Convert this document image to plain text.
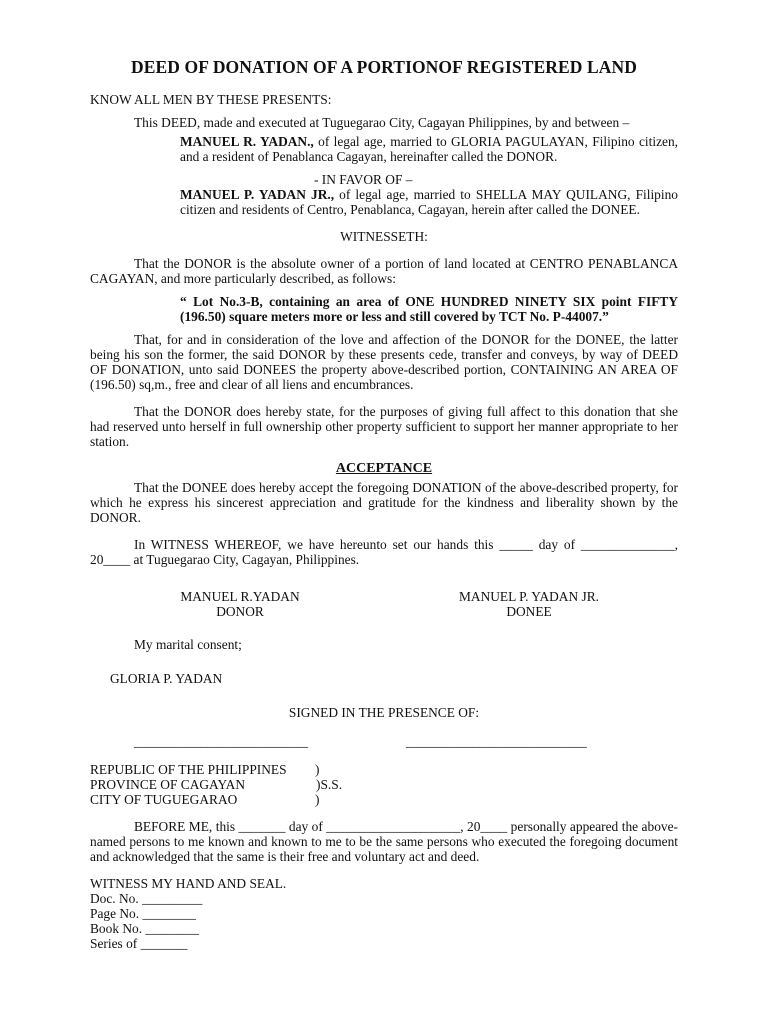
DEED OF DONATION OF A PORTIONOF REGISTERED LAND

KNOW ALL MEN BY THESE PRESENTS:

This DEED, made and executed at Tuguegarao City, Cagayan Philippines, by and between –

MANUEL R. YADAN., of legal age, married to GLORIA PAGULAYAN, Filipino citizen, and a resident of Penablanca Cagayan, hereinafter called the DONOR.

- IN FAVOR OF –

MANUEL P. YADAN JR., of legal age, married to SHELLA MAY QUILANG, Filipino citizen and residents of Centro, Penablanca, Cagayan, herein after called the DONEE.

WITNESSETH:

That the DONOR is the absolute owner of a portion of land located at CENTRO PENABLANCA CAGAYAN, and more particularly described, as follows:

“ Lot No.3-B, containing an area of ONE HUNDRED NINETY SIX point FIFTY (196.50) square meters more or less and still covered by TCT No. P-44007.”

That, for and in consideration of the love and affection of the DONOR for the DONEE, the latter being his son the former, the said DONOR by these presents cede, transfer and conveys, by way of DEED OF DONATION, unto said DONEES the property above-described portion, CONTAINING AN AREA OF (196.50) sq,m., free and clear of all liens and encumbrances.

That the DONOR does hereby state, for the purposes of giving full affect to this donation that she had reserved unto herself in full ownership other property sufficient to support her manner appropriate to her station.

ACCEPTANCE

That the DONEE does hereby accept the foregoing DONATION of the above-described property, for which he express his sincerest appreciation and gratitude for the kindness and liberality shown by the DONOR.

In WITNESS WHEREOF, we have hereunto set our hands this _____ day of ______________, 20____ at Tuguegarao City, Cagayan, Philippines.

MANUEL R.YADAN
DONOR
MANUEL P. YADAN JR.
DONEE

My marital consent;

GLORIA P. YADAN

SIGNED IN THE PRESENCE OF:

__________________________	___________________________
REPUBLIC OF THE PHILIPPINES )
PROVINCE OF CAGAYAN	)S.S.
CITY OF TUGUEGARAO	)

BEFORE ME, this _______ day of ____________________, 20____ personally appeared the above-named persons to me known and known to me to be the same persons who executed the foregoing document and acknowledged that the same is their free and voluntary act and deed.

WITNESS MY HAND AND SEAL.

Doc. No. _________

Page No. ________

Book No. ________

Series of _______
